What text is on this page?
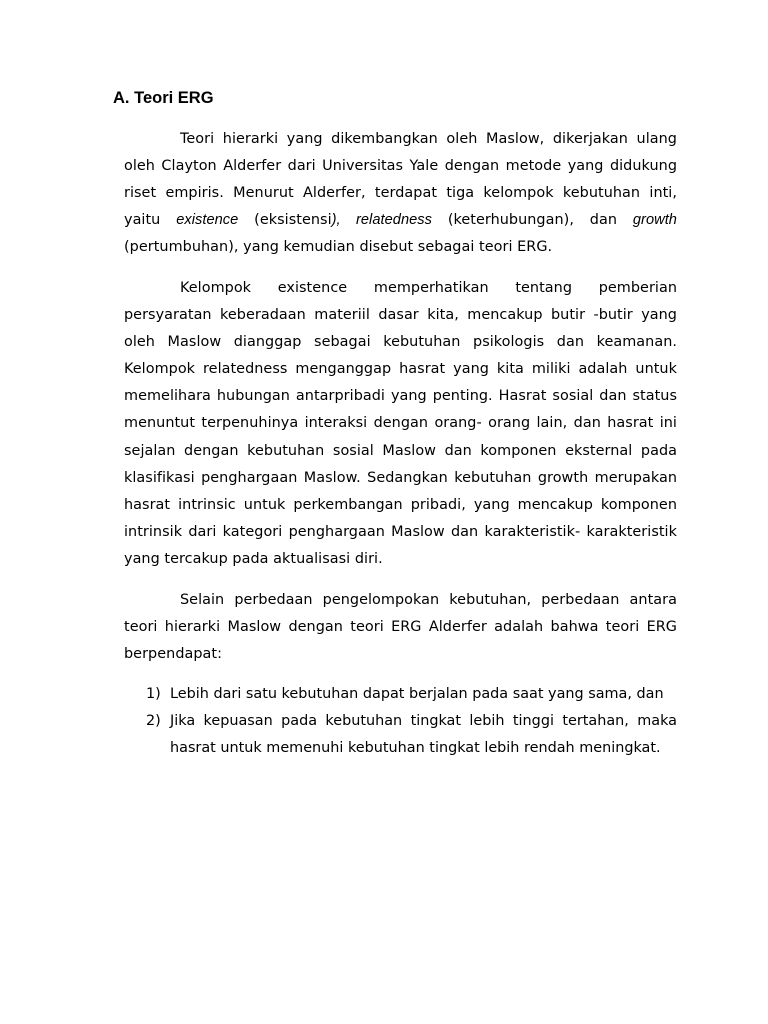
A. Teori ERG

Teori hierarki yang dikembangkan oleh Maslow, dikerjakan ulang oleh Clayton Alderfer dari Universitas Yale dengan metode yang didukung riset empiris. Menurut Alderfer, terdapat tiga kelompok kebutuhan inti, yaitu existence (eksistensi), relatedness (keterhubungan), dan growth (pertumbuhan), yang kemudian disebut sebagai teori ERG.

Kelompok existence memperhatikan tentang pemberian persyaratan keberadaan materiil dasar kita, mencakup butir -butir yang oleh Maslow dianggap sebagai kebutuhan psikologis dan keamanan. Kelompok relatedness menganggap hasrat yang kita miliki adalah untuk memelihara hubungan antarpribadi yang penting. Hasrat sosial dan status menuntut terpenuhinya interaksi dengan orang- orang lain, dan hasrat ini sejalan dengan kebutuhan sosial Maslow dan komponen eksternal pada klasifikasi penghargaan Maslow. Sedangkan kebutuhan growth merupakan hasrat intrinsic untuk perkembangan pribadi, yang mencakup komponen intrinsik dari kategori penghargaan Maslow dan karakteristik- karakteristik yang tercakup pada aktualisasi diri.

Selain perbedaan pengelompokan kebutuhan, perbedaan antara teori hierarki Maslow dengan teori ERG Alderfer adalah bahwa teori ERG berpendapat:

1) Lebih dari satu kebutuhan dapat berjalan pada saat yang sama, dan
2) Jika kepuasan pada kebutuhan tingkat lebih tinggi tertahan, maka hasrat untuk memenuhi kebutuhan tingkat lebih rendah meningkat.
